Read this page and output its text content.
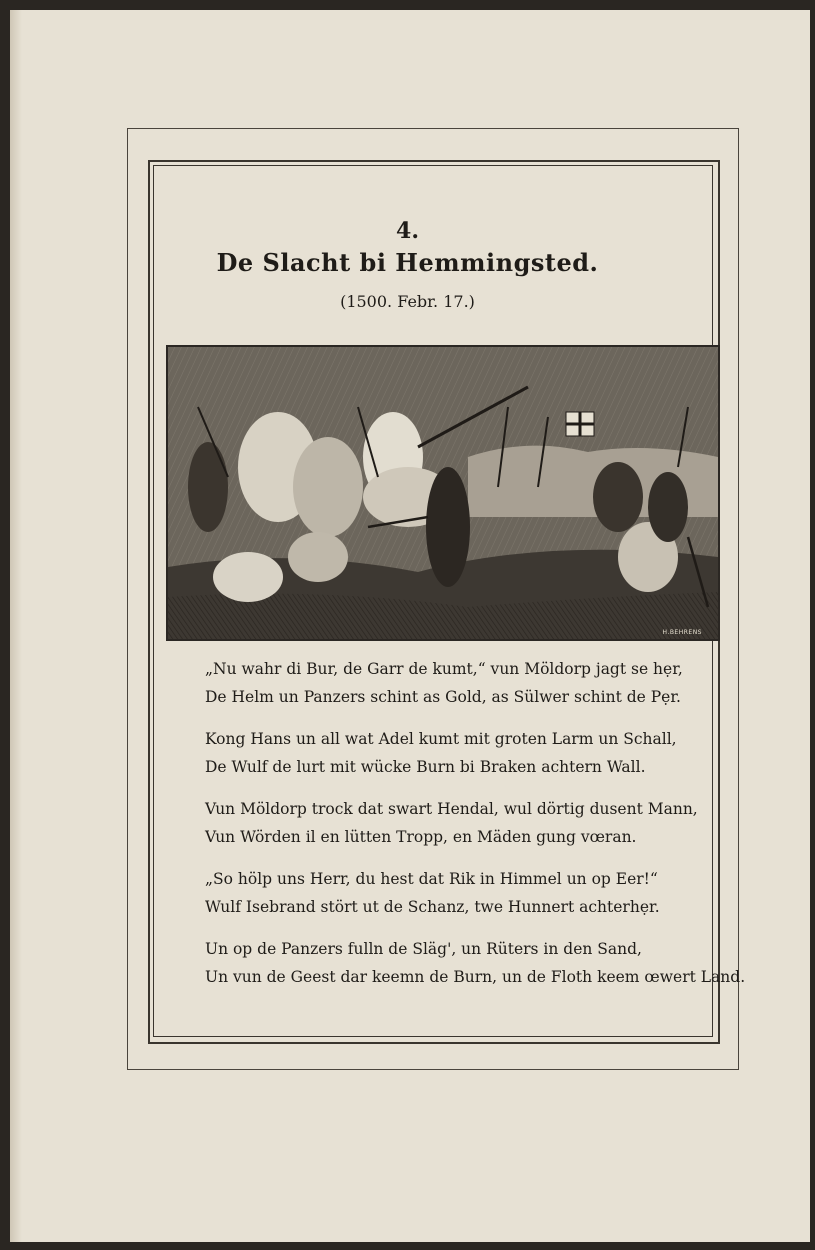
4.
De Slacht bi Hemmingsted.
(1500. Febr. 17.)
H.BEHRENS
„Nu wahr di Bur, de Garr de kumt,“ vun Möldorp jagt se hẹr,
De Helm un Panzers schint as Gold, as Sülwer schint de Pẹr.
Kong Hans un all wat Adel kumt mit groten Larm un Schall,
De Wulf de lurt mit wücke Burn bi Braken achtern Wall.
Vun Möldorp trock dat swart Hendal, wul dörtig dusent Mann,
Vun Wörden il en lütten Tropp, en Mäden gung vœran.
„So hölp uns Herr, du hest dat Rik in Himmel un op Eer!“
Wulf Isebrand stört ut de Schanz, twe Hunnert achterhẹr.
Un op de Panzers fulln de Släg', un Rüters in den Sand,
Un vun de Geest dar keemn de Burn, un de Floth keem œwert Land.
